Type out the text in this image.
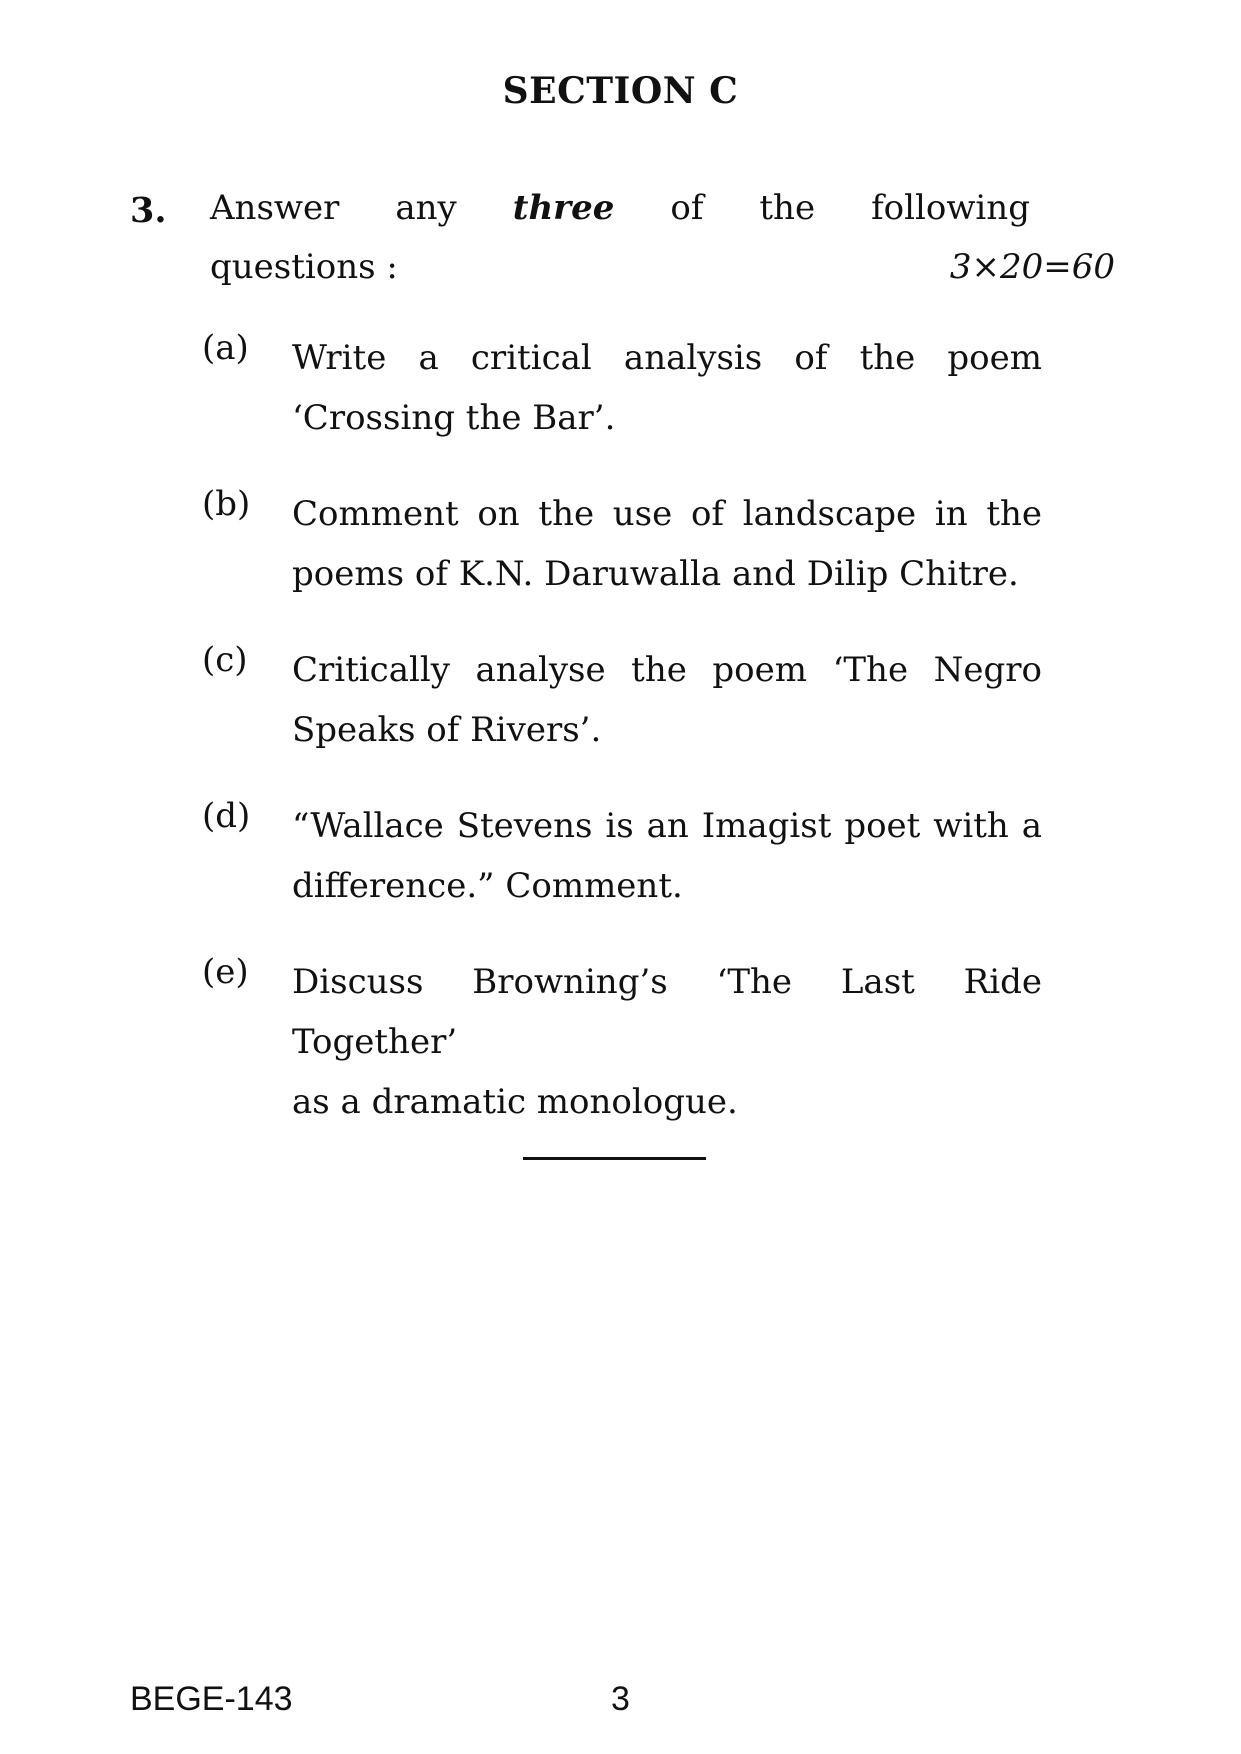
SECTION C
3. Answer any three of the following
questions :	3×20=60
(a) Write a critical analysis of the poem
‘Crossing the Bar’.
(b) Comment on the use of landscape in the
poems of K.N. Daruwalla and Dilip Chitre.
(c) Critically analyse the poem ‘The Negro
Speaks of Rivers’.
(d) “Wallace Stevens is an Imagist poet with a
difference.” Comment.
(e) Discuss Browning’s ‘The Last Ride Together’
as a dramatic monologue.
BEGE-143	3
